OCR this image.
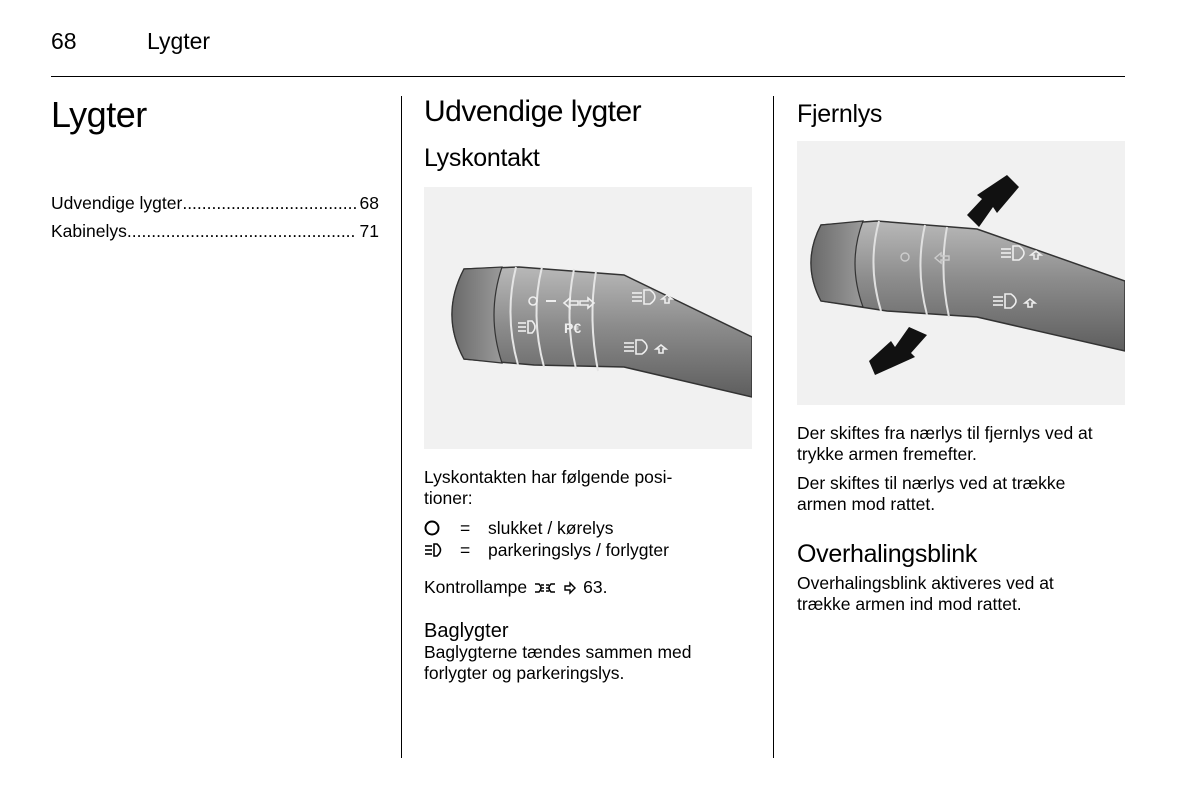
68	Lygter
Lygter
Udvendige lygter .....	68
Kabinelys .....	71
Udvendige lygter
Lyskontakt
P€

Lyskontakten har følgende posi-
tioner:

=	slukket / kørelys
=	parkeringslys / forlygter

Kontrollampe	63.

Baglygter

Baglygterne tændes sammen med
forlygter og parkeringslys.

Fjernlys

Der skiftes fra nærlys til fjernlys ved at
trykke armen fremefter.

Der skiftes til nærlys ved at trække
armen mod rattet.

Overhalingsblink

Overhalingsblink aktiveres ved at
trække armen ind mod rattet.
